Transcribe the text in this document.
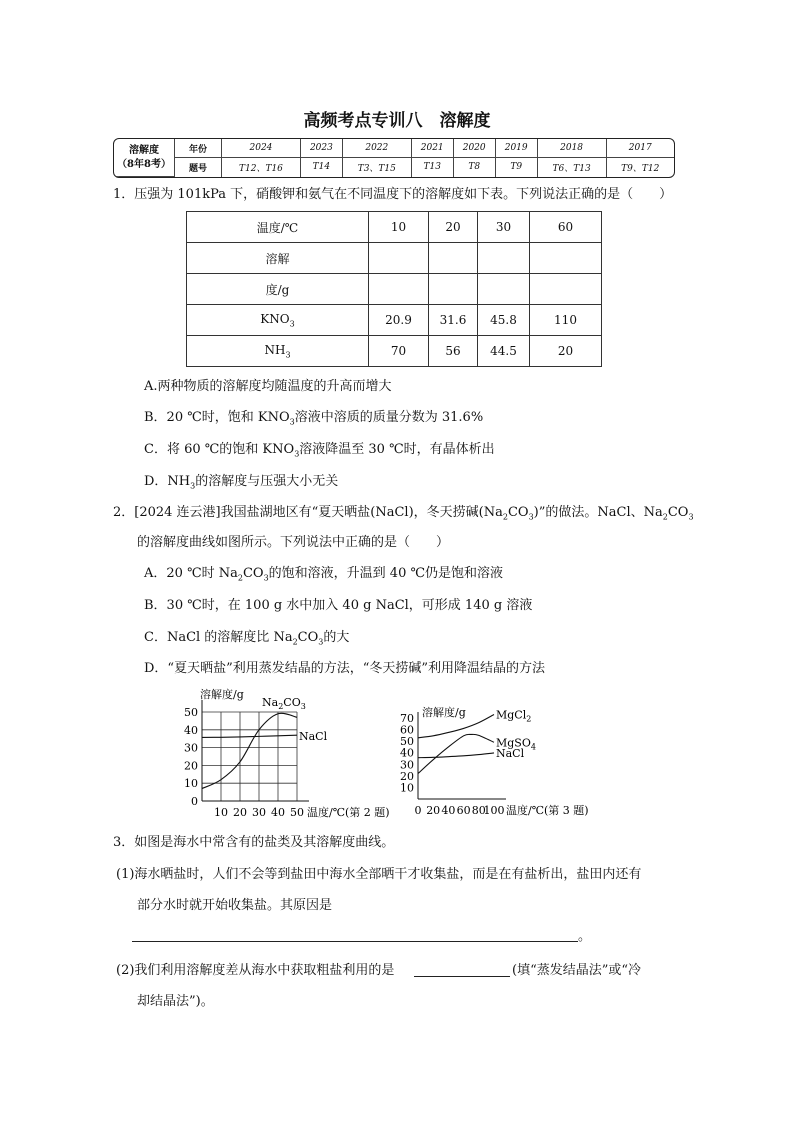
高频考点专训八　溶解度
溶解度
（8年8考）	年份	2024	2023	2022	2021	2020	2019	2018	2017
	题号	T12、T16	T14	T3、T15	T13	T8	T9	T6、T13	T9、T12
1．压强为 101kPa 下，硝酸钾和氨气在不同温度下的溶解度如下表。下列说法正确的是（　　）
温度/℃	10	20	30	60
溶解				
度/g				
$KNO_3$	20.9	31.6	45.8	110
$NH_3$	70	56	44.5	20
A.两种物质的溶解度均随温度的升高而增大
B．20 ℃时，饱和 $KNO_3$溶液中溶质的质量分数为 31.6%
C．将 60 ℃的饱和 $KNO_3$溶液降温至 30 ℃时，有晶体析出
D．$NH_3$的溶解度与压强大小无关
2．[2024 连云港]我国盐湖地区有“夏天晒盐(NaCl)，冬天捞碱$(Na_2CO_3)$”的做法。NaCl、$Na_2CO_3$
的溶解度曲线如图所示。下列说法中正确的是（　　）
A．20 ℃时 $Na_2CO_3$的饱和溶液，升温到 40 ℃仍是饱和溶液
B．30 ℃时，在 100 g 水中加入 40 g NaCl，可形成 140 g 溶液
C．NaCl 的溶解度比 $Na_2CO_3$的大
D．“夏天晒盐”利用蒸发结晶的方法，“冬天捞碱”利用降温结晶的方法
溶解度/g
温度/℃(第 2 题)
0
10
20
30
40
50
10 20 30 40 50
$Na_2CO_3$
NaCl
溶解度/g
温度/℃(第 3 题)
10
20
30
40
50
60
70
0 20 40 60 80
100
MgCl$_2$
MgSO$_4$
NaCl
3．如图是海水中常含有的盐类及其溶解度曲线。
(1)海水晒盐时，人们不会等到盐田中海水全部晒干才收集盐，而是在有盐析出，盐田内还有
部分水时就开始收集盐。其原因是
。
(2)我们利用溶解度差从海水中获取粗盐利用的是	(填“蒸发结晶法”或“冷
却结晶法”)。
